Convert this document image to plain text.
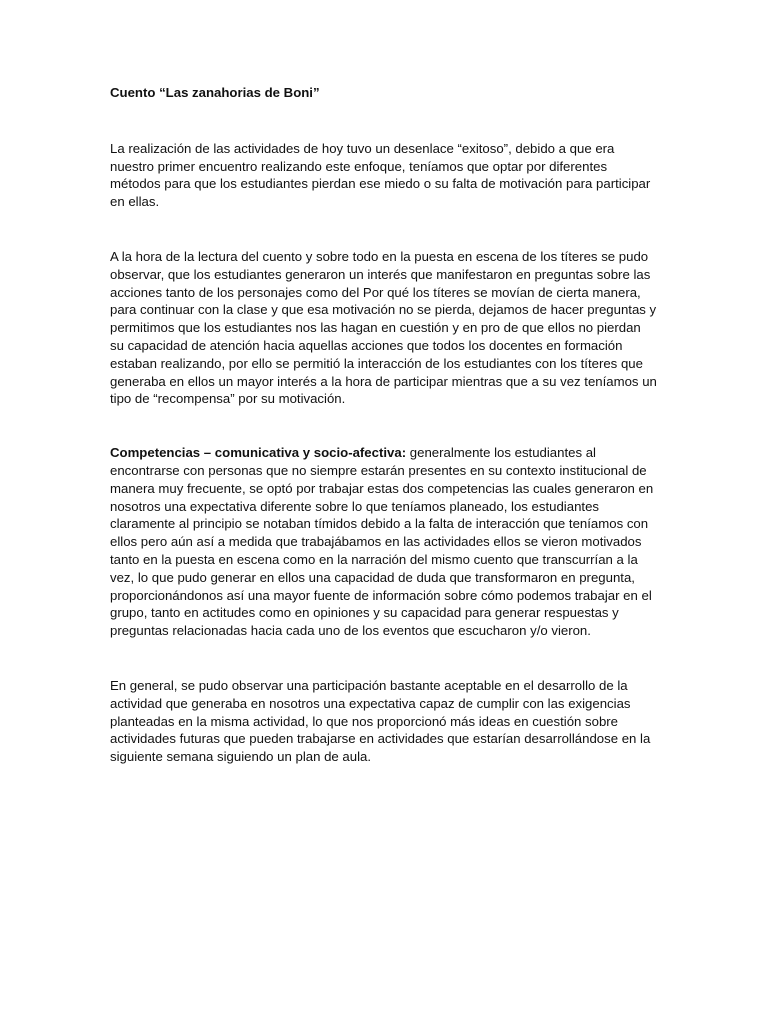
Cuento “Las zanahorias de Boni”

La realización de las actividades de hoy tuvo un desenlace “exitoso”, debido a que era nuestro primer encuentro realizando este enfoque, teníamos que optar por diferentes métodos para que los estudiantes pierdan ese miedo o su falta de motivación para participar en ellas.

A la hora de la lectura del cuento y sobre todo en la puesta en escena de los títeres se pudo observar, que los estudiantes generaron un interés que manifestaron en preguntas sobre las acciones tanto de los personajes como del Por qué los títeres se movían de cierta manera, para continuar con la clase y que esa motivación no se pierda, dejamos de hacer preguntas y permitimos que los estudiantes nos las hagan en cuestión y en pro de que ellos no pierdan su capacidad de atención hacia aquellas acciones que todos los docentes en formación estaban realizando, por ello se permitió la interacción de los estudiantes con los títeres que generaba en ellos un mayor interés a la hora de participar mientras que a su vez teníamos un tipo de “recompensa” por su motivación.

Competencias – comunicativa y socio-afectiva: generalmente los estudiantes al encontrarse con personas que no siempre estarán presentes en su contexto institucional de manera muy frecuente, se optó por trabajar estas dos competencias las cuales generaron en nosotros una expectativa diferente sobre lo que teníamos planeado, los estudiantes claramente al principio se notaban tímidos debido a la falta de interacción que teníamos con ellos pero aún así a medida que trabajábamos en las actividades ellos se vieron motivados tanto en la puesta en escena como en la narración del mismo cuento que transcurrían a la vez, lo que pudo generar en ellos una capacidad de duda que transformaron en pregunta, proporcionándonos así una mayor fuente de información sobre cómo podemos trabajar en el grupo, tanto en actitudes como en opiniones y su capacidad para generar respuestas y preguntas relacionadas hacia cada uno de los eventos que escucharon y/o vieron.

En general, se pudo observar una participación bastante aceptable en el desarrollo de la actividad que generaba en nosotros una expectativa capaz de cumplir con las exigencias planteadas en la misma actividad, lo que nos proporcionó más ideas en cuestión sobre actividades futuras que pueden trabajarse en actividades que estarían desarrollándose en la siguiente semana siguiendo un plan de aula.
